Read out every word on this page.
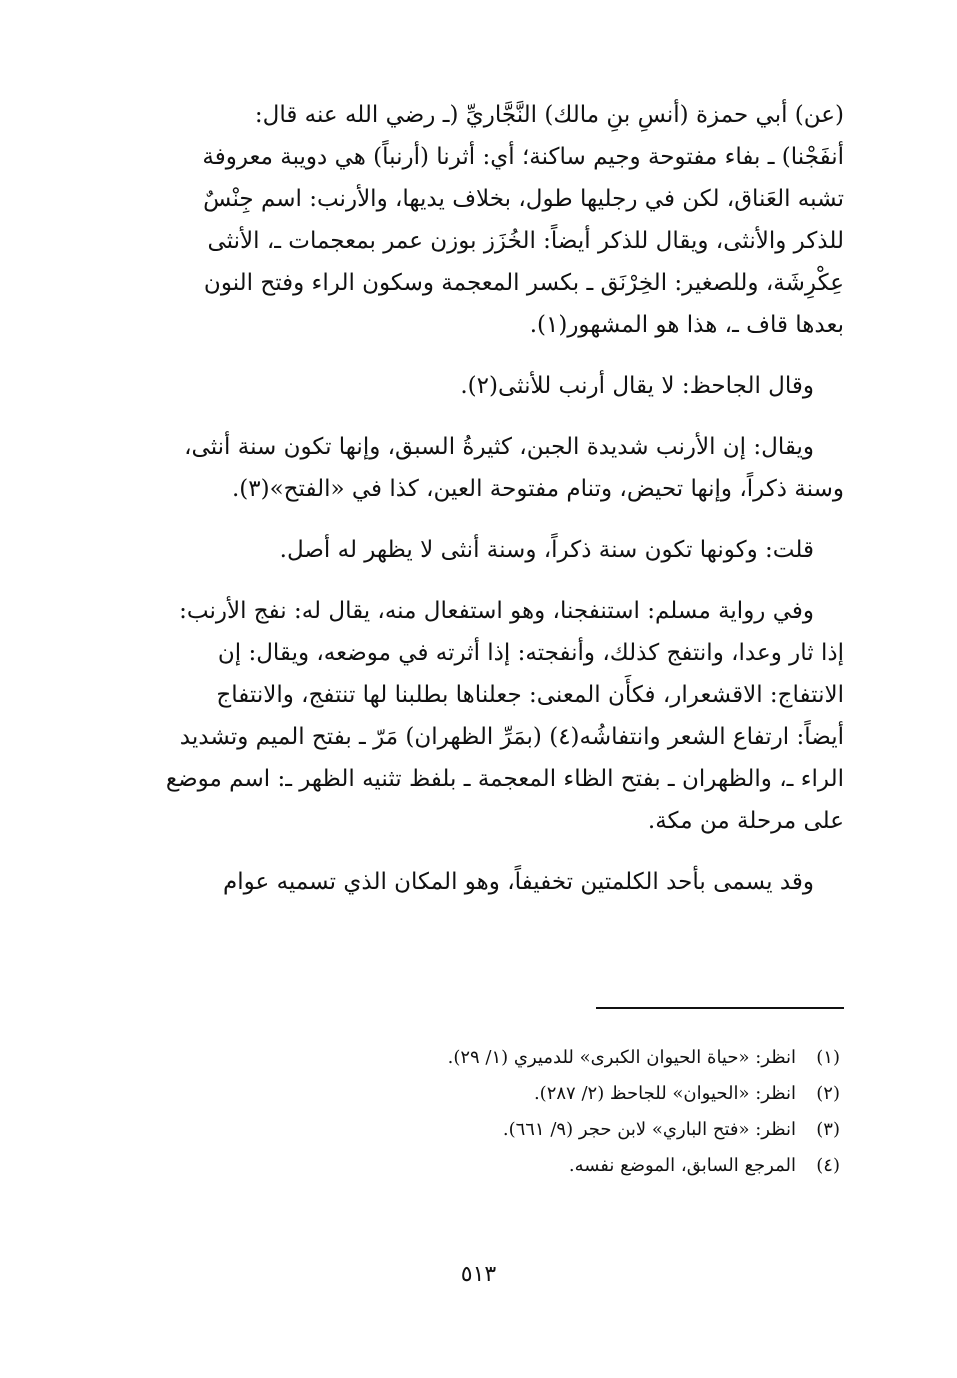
(عن) أبي حمزة (أنسِ بنِ مالك) النَّجَّاريِّ (ـ رضي الله عنه قال:
أنفَجْنا) ـ بفاء مفتوحة وجيم ساكنة؛ أي: أثرنا (أرنباً) هي دويبة معروفة
تشبه العَناق، لكن في رجليها طول، بخلاف يديها، والأرنب: اسم جِنْسٌ
للذكر والأنثى، ويقال للذكر أيضاً: الخُزَز بوزن عمر بمعجمات ـ، الأنثى
عِكْرِشَة، وللصغير: الخِرْنَق ـ بكسر المعجمة وسكون الراء وفتح النون
بعدها قاف ـ، هذا هو المشهور(١).
وقال الجاحظ: لا يقال أرنب للأنثى(٢).
ويقال: إن الأرنب شديدة الجبن، كثيرةُ السبق، وإنها تكون سنة أنثى،
وسنة ذكراً، وإنها تحيض، وتنام مفتوحة العين، كذا في «الفتح»(٣).
قلت: وكونها تكون سنة ذكراً، وسنة أنثى لا يظهر له أصل.
وفي رواية مسلم: استنفجنا، وهو استفعال منه، يقال له: نفج الأرنب:
إذا ثار وعدا، وانتفج كذلك، وأنفجته: إذا أثرته في موضعه، ويقال: إن
الانتفاج: الاقشعرار، فكأَن المعنى: جعلناها بطلبنا لها تنتفج، والانتفاج
أيضاً: ارتفاع الشعر وانتفاشُه(٤) (بمَرِّ الظهران) مَرّ ـ بفتح الميم وتشديد
الراء ـ، والظهران ـ بفتح الظاء المعجمة ـ بلفظ تثنيه الظهر ـ: اسم موضع
على مرحلة من مكة.
وقد يسمى بأحد الكلمتين تخفيفاً، وهو المكان الذي تسميه عوام
(١)انظر: «حياة الحيوان الكبرى» للدميري (١/ ٢٩).
(٢)انظر: «الحيوان» للجاحظ (٢/ ٢٨٧).
(٣)انظر: «فتح الباري» لابن حجر (٩/ ٦٦١).
(٤)المرجع السابق، الموضع نفسه.
٥١٣
